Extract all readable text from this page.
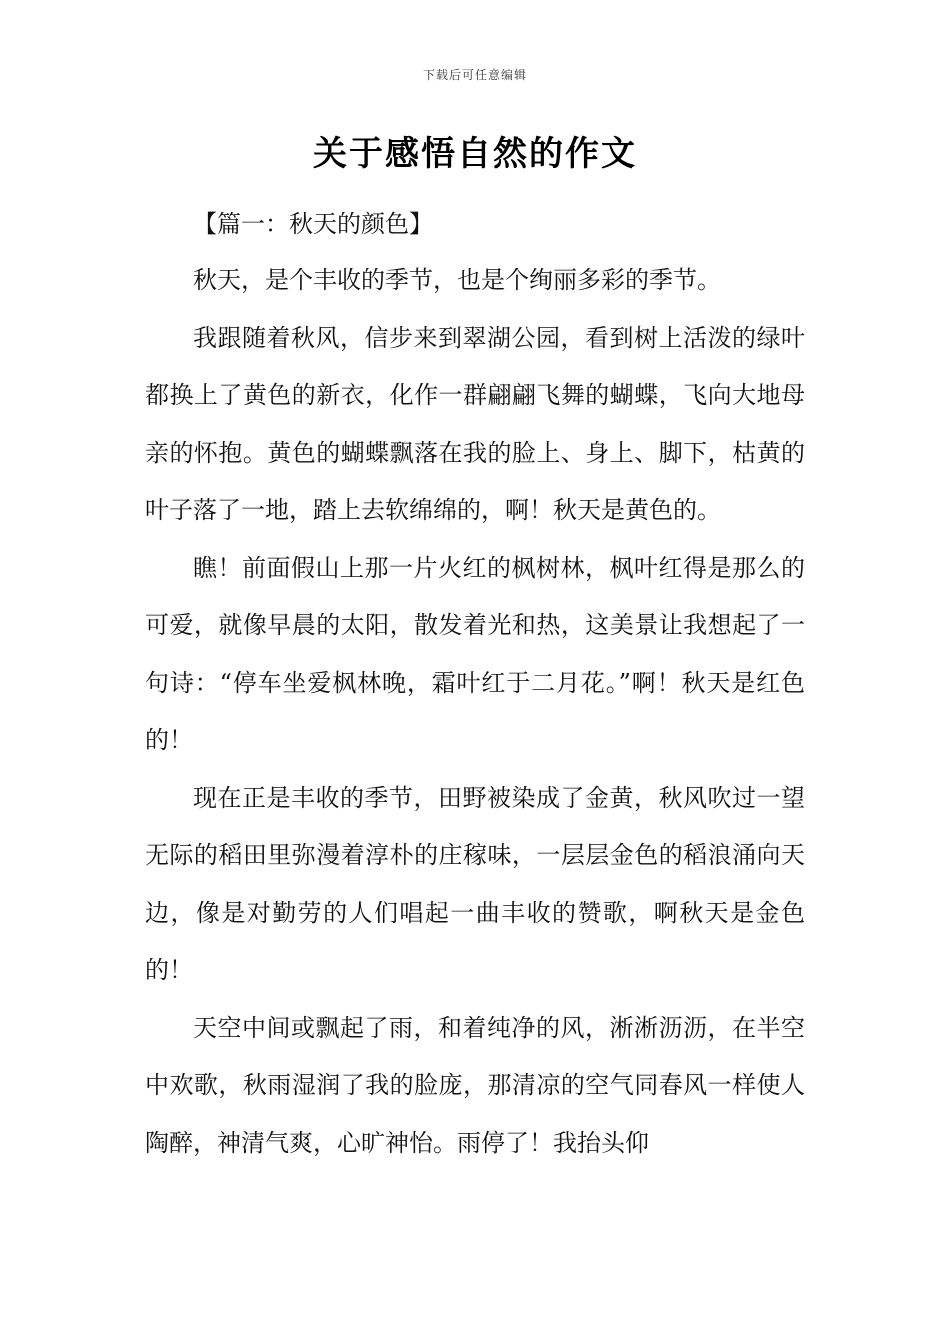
下载后可任意编辑
关于感悟自然的作文

【篇一：秋天的颜色】

秋天，是个丰收的季节，也是个绚丽多彩的季节。

我跟随着秋风，信步来到翠湖公园，看到树上活泼的绿叶都换上了黄色的新衣，化作一群翩翩飞舞的蝴蝶，飞向大地母亲的怀抱。黄色的蝴蝶飘落在我的脸上、身上、脚下，枯黄的叶子落了一地，踏上去软绵绵的，啊！秋天是黄色的。

瞧！前面假山上那一片火红的枫树林，枫叶红得是那么的可爱，就像早晨的太阳，散发着光和热，这美景让我想起了一句诗：“停车坐爱枫林晚，霜叶红于二月花。”啊！秋天是红色的！

现在正是丰收的季节，田野被染成了金黄，秋风吹过一望无际的稻田里弥漫着淳朴的庄稼味，一层层金色的稻浪涌向天边，像是对勤劳的人们唱起一曲丰收的赞歌，啊秋天是金色的！

天空中间或飘起了雨，和着纯净的风，淅淅沥沥，在半空中欢歌，秋雨湿润了我的脸庞，那清凉的空气同春风一样使人陶醉，神清气爽，心旷神怡。雨停了！我抬头仰
